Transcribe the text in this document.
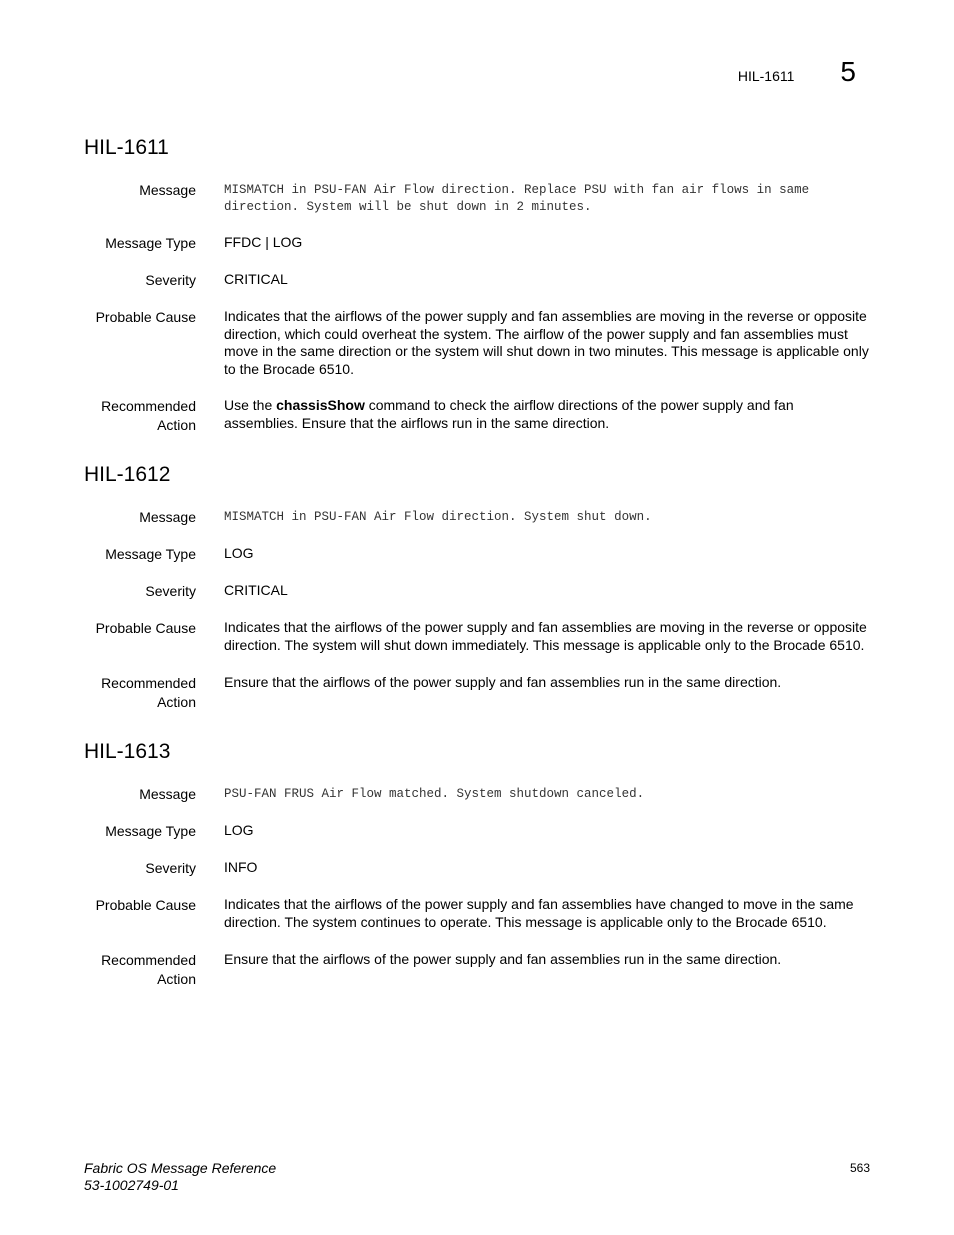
HIL-1611 5
HIL-1611
Message MISMATCH in PSU-FAN Air Flow direction. Replace PSU with fan air flows in same direction. System will be shut down in 2 minutes.
Message Type FFDC | LOG
Severity CRITICAL
Probable Cause Indicates that the airflows of the power supply and fan assemblies are moving in the reverse or opposite direction, which could overheat the system. The airflow of the power supply and fan assemblies must move in the same direction or the system will shut down in two minutes. This message is applicable only to the Brocade 6510.
Recommended
Action
Use the chassisShow command to check the airflow directions of the power supply and fan assemblies. Ensure that the airflows run in the same direction.
HIL-1612
Message MISMATCH in PSU-FAN Air Flow direction. System shut down.
Message Type LOG
Severity CRITICAL
Probable Cause Indicates that the airflows of the power supply and fan assemblies are moving in the reverse or opposite direction. The system will shut down immediately. This message is applicable only to the Brocade 6510.
Recommended
Action
Ensure that the airflows of the power supply and fan assemblies run in the same direction.
HIL-1613
Message PSU-FAN FRUS Air Flow matched. System shutdown canceled.
Message Type LOG
Severity INFO
Probable Cause Indicates that the airflows of the power supply and fan assemblies have changed to move in the same direction. The system continues to operate. This message is applicable only to the Brocade 6510.
Recommended
Action
Ensure that the airflows of the power supply and fan assemblies run in the same direction.
Fabric OS Message Reference
53-1002749-01
563
